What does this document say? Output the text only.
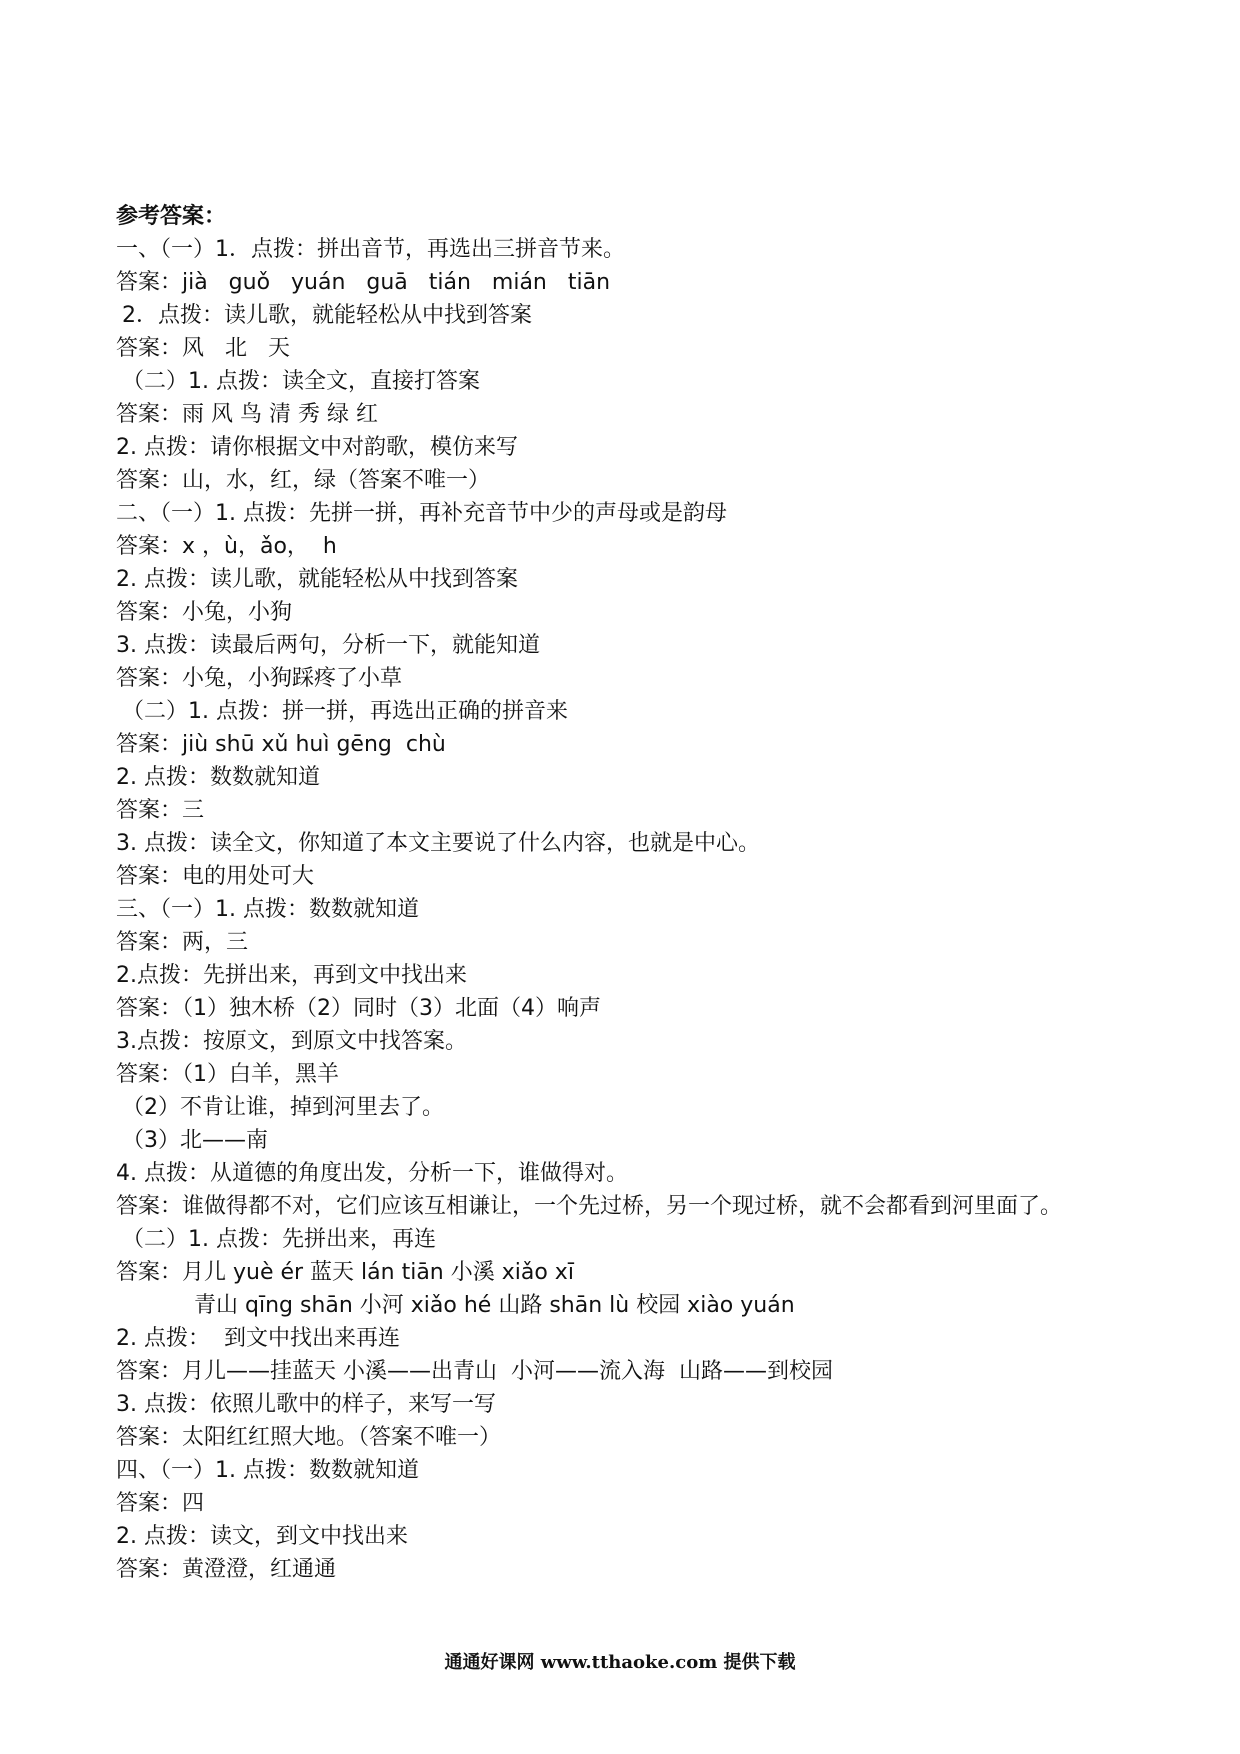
参考答案：
一、（一）1．点拨：拼出音节，再选出三拼音节来。
答案：jià   guǒ   yuán   guā   tián   mián   tiān
2．点拨：读儿歌，就能轻松从中找到答案
答案：风   北   天
（二）1. 点拨：读全文，直接打答案
答案：雨 风 鸟 清 秀 绿 红
2. 点拨：请你根据文中对韵歌，模仿来写
答案：山，水，红，绿（答案不唯一）
二、（一）1. 点拨：先拼一拼，再补充音节中少的声母或是韵母
答案：x ，ù，ǎo，  h
2. 点拨：读儿歌，就能轻松从中找到答案
答案：小兔，小狗
3. 点拨：读最后两句，分析一下，就能知道
答案：小兔，小狗踩疼了小草
（二）1. 点拨：拼一拼，再选出正确的拼音来
答案：jiù shū xǔ huì gēng  chù
2. 点拨：数数就知道
答案：三
3. 点拨：读全文，你知道了本文主要说了什么内容，也就是中心。
答案：电的用处可大
三、（一）1. 点拨：数数就知道
答案：两，三
2.点拨：先拼出来，再到文中找出来
答案：（1）独木桥（2）同时（3）北面（4）响声
3.点拨：按原文，到原文中找答案。
答案：（1）白羊，黑羊
（2）不肯让谁，掉到河里去了。
（3）北——南
4. 点拨：从道德的角度出发，分析一下，谁做得对。
答案：谁做得都不对，它们应该互相谦让，一个先过桥，另一个现过桥，就不会都看到河里面了。
（二）1. 点拨：先拼出来，再连
答案：月儿 yuè ér 蓝天 lán tiān 小溪 xiǎo xī
青山 qīng shān 小河 xiǎo hé 山路 shān lù 校园 xiào yuán
2. 点拨：  到文中找出来再连
答案：月儿——挂蓝天 小溪——出青山  小河——流入海  山路——到校园
3. 点拨：依照儿歌中的样子，来写一写
答案：太阳红红照大地。（答案不唯一）
四、（一）1. 点拨：数数就知道
答案：四
2. 点拨：读文，到文中找出来
答案：黄澄澄，红通通
通通好课网 www.tthaoke.com 提供下载
